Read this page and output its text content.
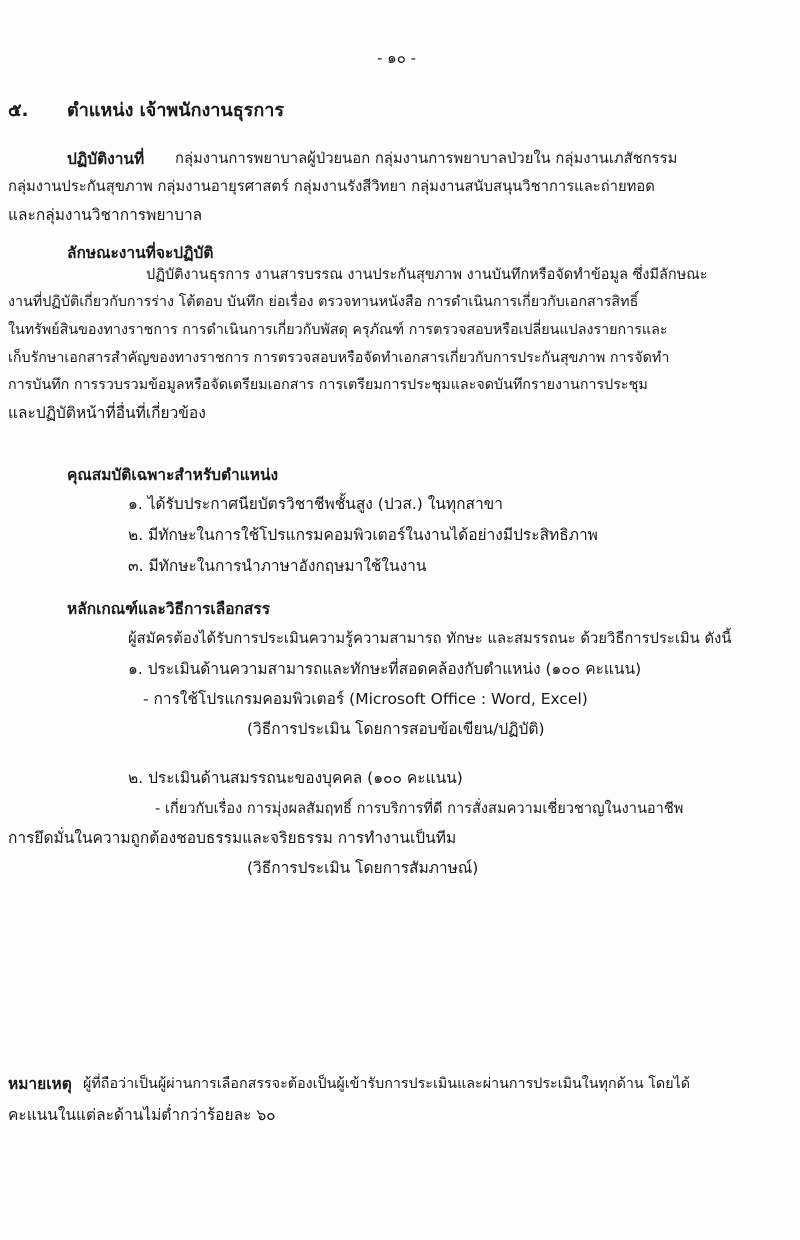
- ๑๐ -
๕. ตำแหน่ง เจ้าพนักงานธุรการ
ปฏิบัติงานที่ กลุ่มงานการพยาบาลผู้ป่วยนอก กลุ่มงานการพยาบาลป่วยใน กลุ่มงานเภสัชกรรม
กลุ่มงานประกันสุขภาพ กลุ่มงานอายุรศาสตร์ กลุ่มงานรังสีวิทยา กลุ่มงานสนับสนุนวิชาการและถ่ายทอด
และกลุ่มงานวิชาการพยาบาล
ลักษณะงานที่จะปฏิบัติ
ปฏิบัติงานธุรการ งานสารบรรณ งานประกันสุขภาพ งานบันทึกหรือจัดทำข้อมูล ซึ่งมีลักษณะ
งานที่ปฏิบัติเกี่ยวกับการร่าง โต้ตอบ บันทึก ย่อเรื่อง ตรวจทานหนังสือ การดำเนินการเกี่ยวกับเอกสารสิทธิ์
ในทรัพย์สินของทางราชการ การดำเนินการเกี่ยวกับพัสดุ ครุภัณฑ์ การตรวจสอบหรือเปลี่ยนแปลงรายการและ
เก็บรักษาเอกสารสำคัญของทางราชการ การตรวจสอบหรือจัดทำเอกสารเกี่ยวกับการประกันสุขภาพ การจัดทำ
การบันทึก การรวบรวมข้อมูลหรือจัดเตรียมเอกสาร การเตรียมการประชุมและจดบันทึกรายงานการประชุม
และปฏิบัติหน้าที่อื่นที่เกี่ยวข้อง
คุณสมบัติเฉพาะสำหรับตำแหน่ง
๑. ได้รับประกาศนียบัตรวิชาชีพชั้นสูง (ปวส.) ในทุกสาขา
๒. มีทักษะในการใช้โปรแกรมคอมพิวเตอร์ในงานได้อย่างมีประสิทธิภาพ
๓. มีทักษะในการนำภาษาอังกฤษมาใช้ในงาน
หลักเกณฑ์และวิธีการเลือกสรร
ผู้สมัครต้องได้รับการประเมินความรู้ความสามารถ ทักษะ และสมรรถนะ ด้วยวิธีการประเมิน ดังนี้
๑. ประเมินด้านความสามารถและทักษะที่สอดคล้องกับตำแหน่ง (๑๐๐ คะแนน)
- การใช้โปรแกรมคอมพิวเตอร์ (Microsoft Office : Word, Excel)
(วิธีการประเมิน โดยการสอบข้อเขียน/ปฏิบัติ)
๒. ประเมินด้านสมรรถนะของบุคคล (๑๐๐ คะแนน)
- เกี่ยวกับเรื่อง การมุ่งผลสัมฤทธิ์ การบริการที่ดี การสั่งสมความเชี่ยวชาญในงานอาชีพ
การยึดมั่นในความถูกต้องชอบธรรมและจริยธรรม การทำงานเป็นทีม
(วิธีการประเมิน โดยการสัมภาษณ์)
หมายเหตุ ผู้ที่ถือว่าเป็นผู้ผ่านการเลือกสรรจะต้องเป็นผู้เข้ารับการประเมินและผ่านการประเมินในทุกด้าน โดยได้
คะแนนในแต่ละด้านไม่ต่ำกว่าร้อยละ ๖๐
